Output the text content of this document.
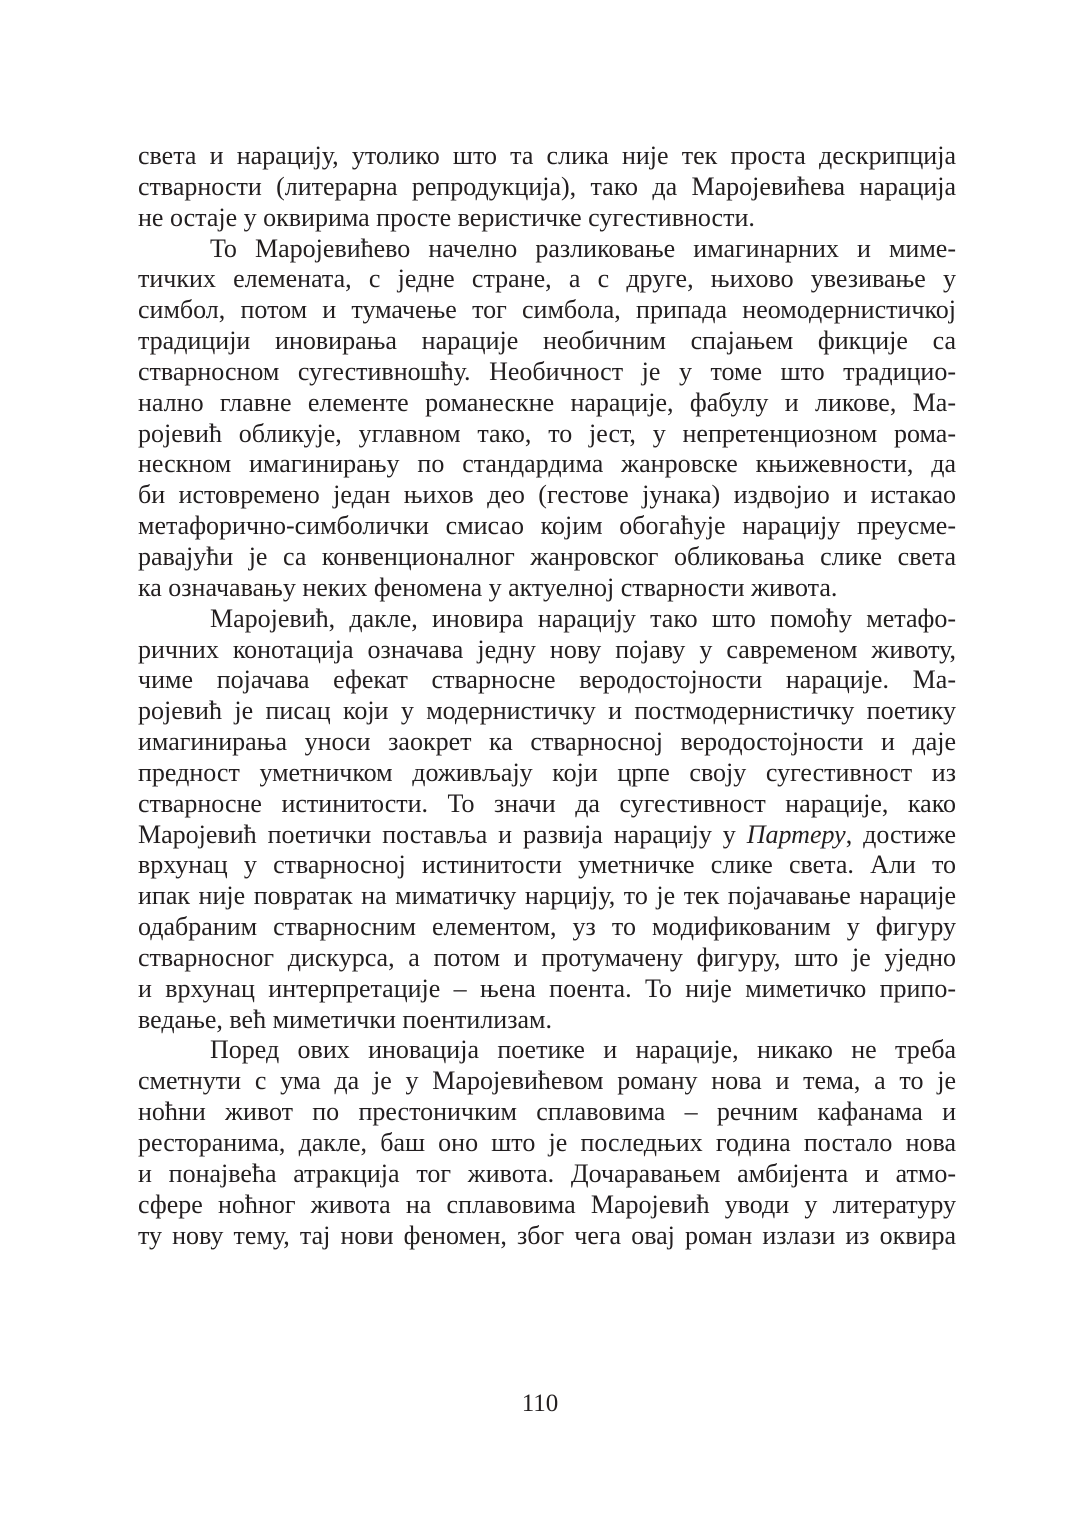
света и нарацију, утолико што та слика није тек проста дескрипција
стварности (литерарна репродукција), тако да Маројевићева нарација
не остаје у оквирима просте веристичке сугестивности.
То Маројевићево начелно разликовање имагинарних и миме-
тичких елемената, с једне стране, а с друге, њихово увезивање у
симбол, потом и тумачење тог симбола, припада неомодернистичкој
традицији иновирања нарације необичним спајањем фикције са
стварносном сугестивношћу. Необичност је у томе што традицио-
нално главне елементе романескне нарације, фабулу и ликове, Ма-
ројевић обликује, углавном тако, то јест, у непретенциозном рома-
нескном имагинирању по стандардима жанровске књижевности, да
би истовремено један њихов део (гестове јунака) издвојио и истакао
метафорично-симболички смисао којим обогаћује нарацију преусме-
равајући је са конвенционалног жанровског обликовања слике света
ка означавању неких феномена у актуелној стварности живота.
Маројевић, дакле, иновира нарацију тако што помоћу метафо-
ричних конотација означава једну нову појаву у савременом животу,
чиме појачава ефекат стварносне веродостојности нарације. Ма-
ројевић је писац који у модернистичку и постмодернистичку поетику
имагинирања уноси заокрет ка стварносној веродостојности и даје
предност уметничком доживљају који црпе своју сугестивност из
стварносне истинитости. То значи да сугестивност нарације, како
Маројевић поетички поставља и развија нарацију у Партеру, достиже
врхунац у стварносној истинитости уметничке слике света. Али то
ипак није повратак на миматичку нарцију, то је тек појачавање нарације
одабраним стварносним елементом, уз то модификованим у фигуру
стварносног дискурса, а потом и протумачену фигуру, што је уједно
и врхунац интерпретације – њена поента. То није миметичко припо-
ведање, већ миметички поентилизам.
Поред ових иновација поетике и нарације, никако не треба
сметнути с ума да је у Маројевићевом роману нова и тема, а то је
ноћни живот по престоничким сплавовима – речним кафанама и
ресторанима, дакле, баш оно што је последњих година постало нова
и понајвећа атракција тог живота. Дочаравањем амбијента и атмо-
сфере ноћног живота на сплавовима Маројевић уводи у литературу
ту нову тему, тај нови феномен, због чега овај роман излази из оквира
110
